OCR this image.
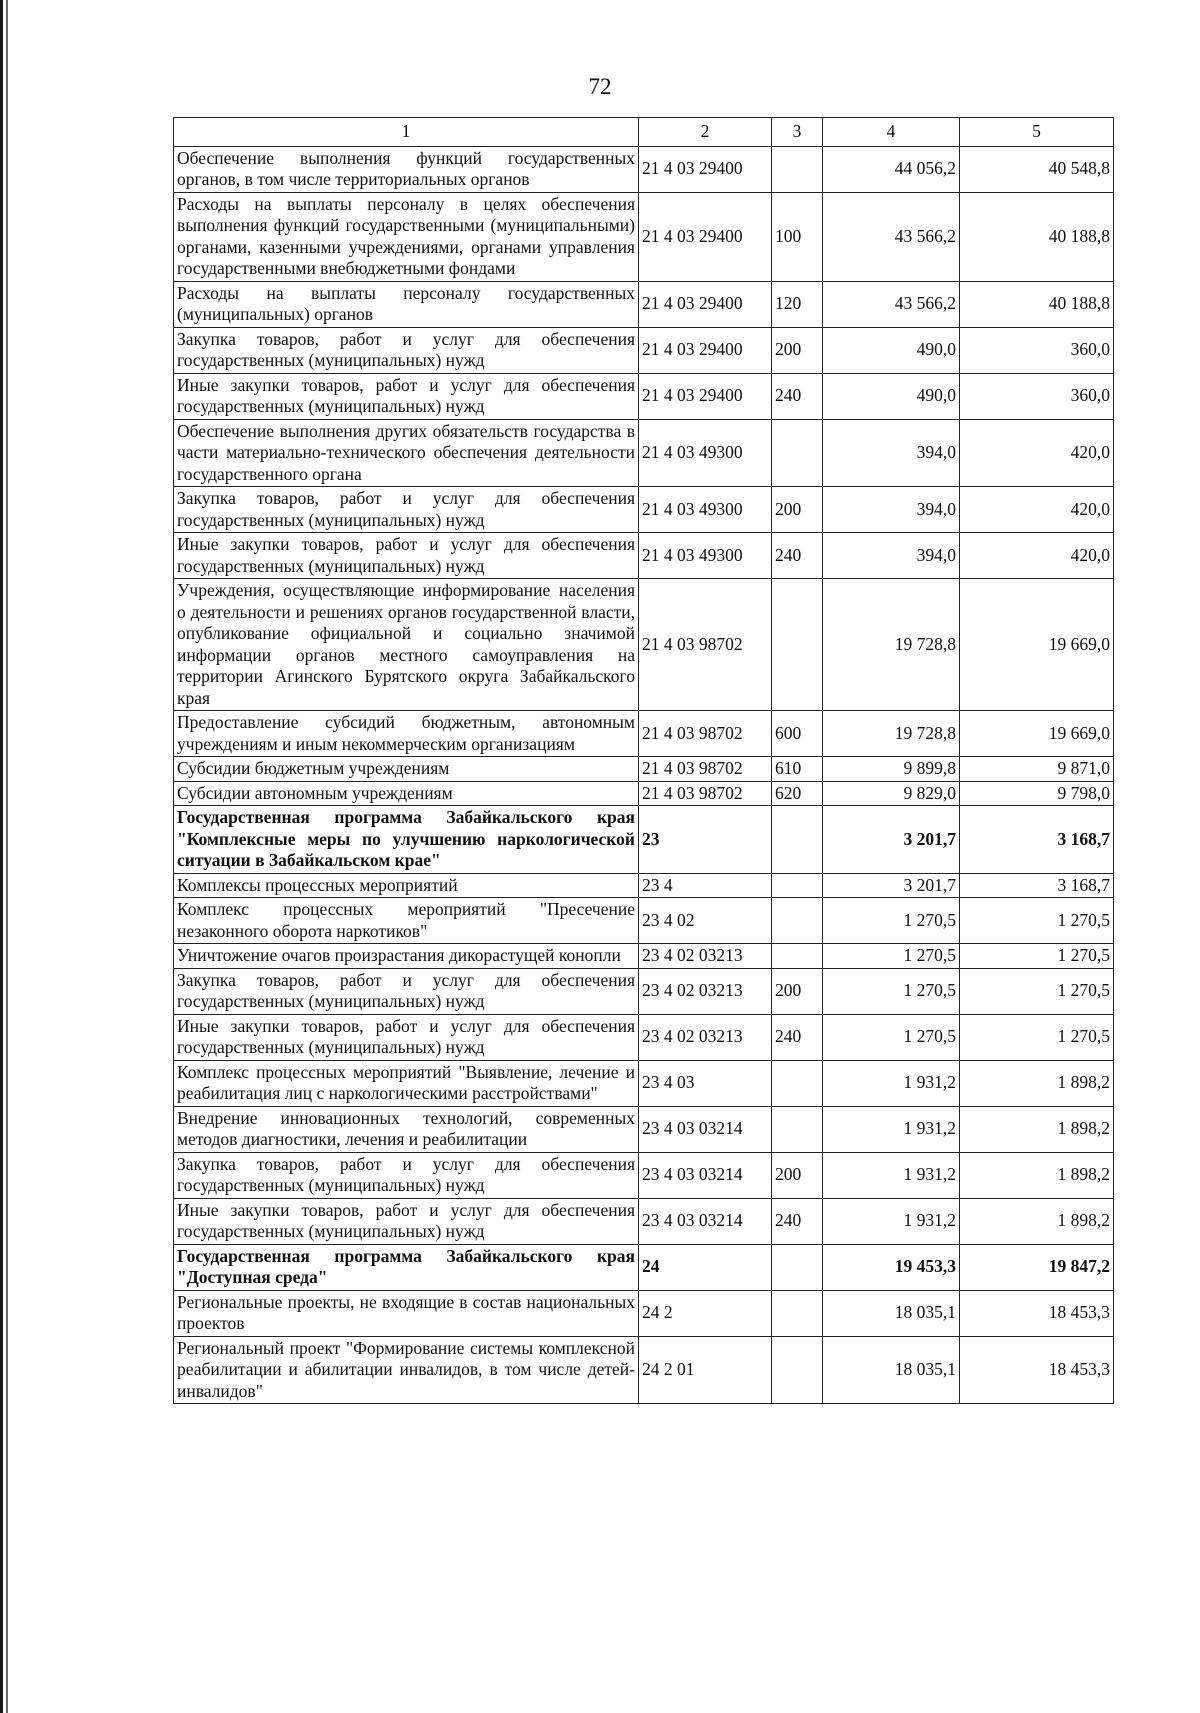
72
1	2	3	4	5
Обеспечение выполнения функций государственных органов, в том числе территориальных органов	21 4 03 29400		44 056,2	40 548,8
Расходы на выплаты персоналу в целях обеспечения выполнения функций государственными (муниципальными) органами, казенными учреждениями, органами управления государственными внебюджетными фондами	21 4 03 29400	100	43 566,2	40 188,8
Расходы на выплаты персоналу государственных (муниципальных) органов	21 4 03 29400	120	43 566,2	40 188,8
Закупка товаров, работ и услуг для обеспечения государственных (муниципальных) нужд	21 4 03 29400	200	490,0	360,0
Иные закупки товаров, работ и услуг для обеспечения государственных (муниципальных) нужд	21 4 03 29400	240	490,0	360,0
Обеспечение выполнения других обязательств государства в части материально-технического обеспечения деятельности государственного органа	21 4 03 49300		394,0	420,0
Закупка товаров, работ и услуг для обеспечения государственных (муниципальных) нужд	21 4 03 49300	200	394,0	420,0
Иные закупки товаров, работ и услуг для обеспечения государственных (муниципальных) нужд	21 4 03 49300	240	394,0	420,0
Учреждения, осуществляющие информирование населения о деятельности и решениях органов государственной власти, опубликование официальной и социально значимой информации органов местного самоуправления на территории Агинского Бурятского округа Забайкальского края	21 4 03 98702		19 728,8	19 669,0
Предоставление субсидий бюджетным, автономным учреждениям и иным некоммерческим организациям	21 4 03 98702	600	19 728,8	19 669,0
Субсидии бюджетным учреждениям	21 4 03 98702	610	9 899,8	9 871,0
Субсидии автономным учреждениям	21 4 03 98702	620	9 829,0	9 798,0
Государственная программа Забайкальского края "Комплексные меры по улучшению наркологической ситуации в Забайкальском крае"	23		3 201,7	3 168,7
Комплексы процессных мероприятий	23 4		3 201,7	3 168,7
Комплекс процессных мероприятий "Пресечение незаконного оборота наркотиков"	23 4 02		1 270,5	1 270,5
Уничтожение очагов произрастания дикорастущей конопли	23 4 02 03213		1 270,5	1 270,5
Закупка товаров, работ и услуг для обеспечения государственных (муниципальных) нужд	23 4 02 03213	200	1 270,5	1 270,5
Иные закупки товаров, работ и услуг для обеспечения государственных (муниципальных) нужд	23 4 02 03213	240	1 270,5	1 270,5
Комплекс процессных мероприятий "Выявление, лечение и реабилитация лиц с наркологическими расстройствами"	23 4 03		1 931,2	1 898,2
Внедрение инновационных технологий, современных методов диагностики, лечения и реабилитации	23 4 03 03214		1 931,2	1 898,2
Закупка товаров, работ и услуг для обеспечения государственных (муниципальных) нужд	23 4 03 03214	200	1 931,2	1 898,2
Иные закупки товаров, работ и услуг для обеспечения государственных (муниципальных) нужд	23 4 03 03214	240	1 931,2	1 898,2
Государственная программа Забайкальского края "Доступная среда"	24		19 453,3	19 847,2
Региональные проекты, не входящие в состав национальных проектов	24 2		18 035,1	18 453,3
Региональный проект "Формирование системы комплексной реабилитации и абилитации инвалидов, в том числе детей-инвалидов"	24 2 01		18 035,1	18 453,3
